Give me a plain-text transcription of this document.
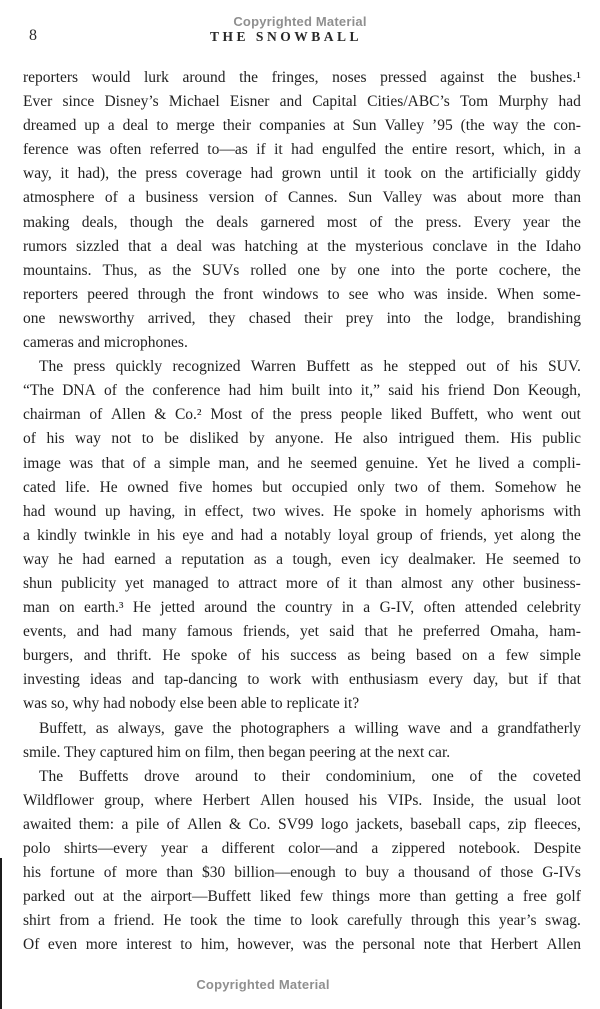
Copyrighted Material
8	THE SNOWBALL
reporters would lurk around the fringes, noses pressed against the bushes.¹
Ever since Disney’s Michael Eisner and Capital Cities/ABC’s Tom Murphy had
dreamed up a deal to merge their companies at Sun Valley ’95 (the way the con-
ference was often referred to—as if it had engulfed the entire resort, which, in a
way, it had), the press coverage had grown until it took on the artificially giddy
atmosphere of a business version of Cannes. Sun Valley was about more than
making deals, though the deals garnered most of the press. Every year the
rumors sizzled that a deal was hatching at the mysterious conclave in the Idaho
mountains. Thus, as the SUVs rolled one by one into the porte cochere, the
reporters peered through the front windows to see who was inside. When some-
one newsworthy arrived, they chased their prey into the lodge, brandishing
cameras and microphones.
The press quickly recognized Warren Buffett as he stepped out of his SUV.
“The DNA of the conference had him built into it,” said his friend Don Keough,
chairman of Allen & Co.² Most of the press people liked Buffett, who went out
of his way not to be disliked by anyone. He also intrigued them. His public
image was that of a simple man, and he seemed genuine. Yet he lived a compli-
cated life. He owned five homes but occupied only two of them. Somehow he
had wound up having, in effect, two wives. He spoke in homely aphorisms with
a kindly twinkle in his eye and had a notably loyal group of friends, yet along the
way he had earned a reputation as a tough, even icy dealmaker. He seemed to
shun publicity yet managed to attract more of it than almost any other business-
man on earth.³ He jetted around the country in a G-IV, often attended celebrity
events, and had many famous friends, yet said that he preferred Omaha, ham-
burgers, and thrift. He spoke of his success as being based on a few simple
investing ideas and tap-dancing to work with enthusiasm every day, but if that
was so, why had nobody else been able to replicate it?
Buffett, as always, gave the photographers a willing wave and a grandfatherly
smile. They captured him on film, then began peering at the next car.
The Buffetts drove around to their condominium, one of the coveted
Wildflower group, where Herbert Allen housed his VIPs. Inside, the usual loot
awaited them: a pile of Allen & Co. SV99 logo jackets, baseball caps, zip fleeces,
polo shirts—every year a different color—and a zippered notebook. Despite
his fortune of more than $30 billion—enough to buy a thousand of those G-IVs
parked out at the airport—Buffett liked few things more than getting a free golf
shirt from a friend. He took the time to look carefully through this year’s swag.
Of even more interest to him, however, was the personal note that Herbert Allen
Copyrighted Material
